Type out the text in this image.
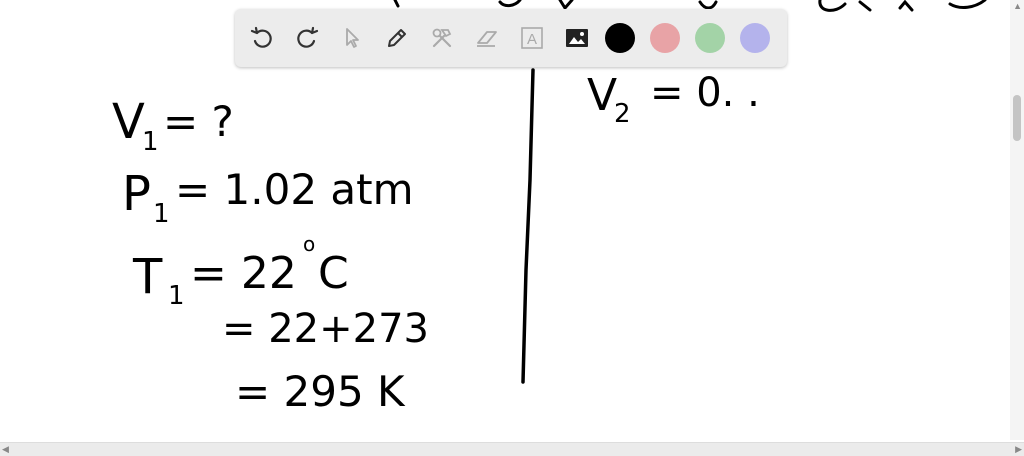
V
1 = ?
P 1 = 1.02 atm
T 1 = 22
o
C
= 22+273
= 295 K
V
2 = 0. .
A
▲
◀	▶
